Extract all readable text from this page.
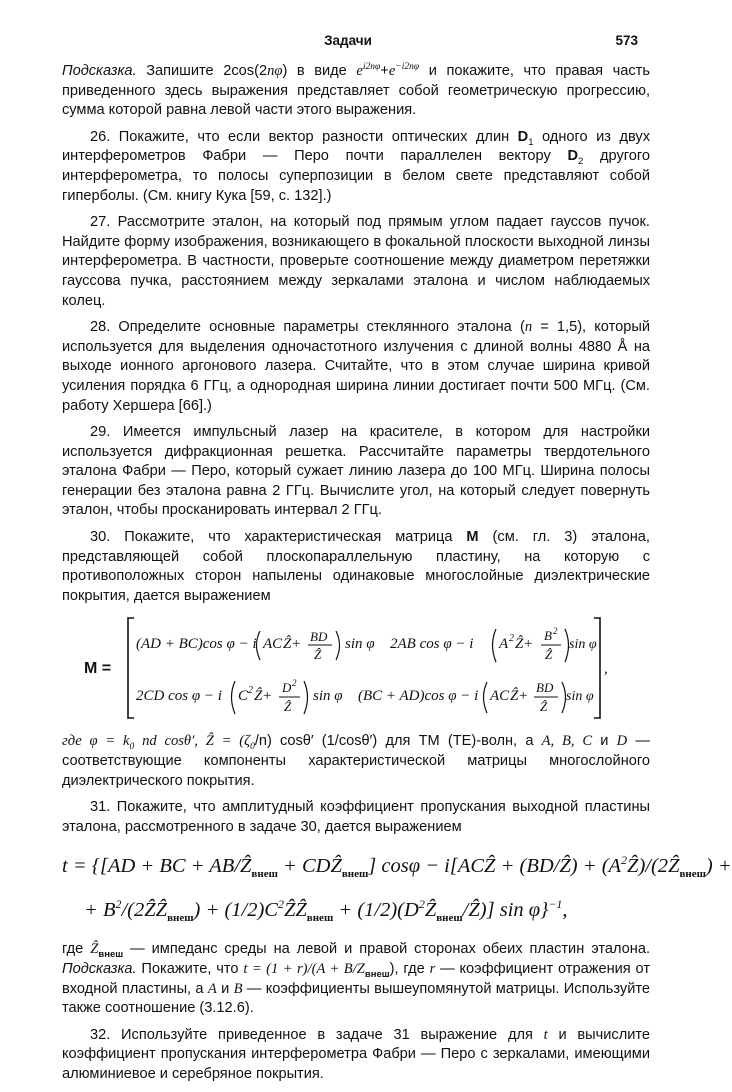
Задачи	573

Подсказка. Запишите 2cos(2nφ) в виде $e^{i2n\varphi}+e^{-i2n\varphi}$ и покажите, что правая часть приведенного здесь выражения представляет собой геометрическую прогрессию, сумма которой равна левой части этого выражения.

26. Покажите, что если вектор разности оптических длин $D_1$ одного из двух интерферометров Фабри — Перо почти параллелен вектору $D_2$ другого интерферометра, то полосы суперпозиции в белом свете представляют собой гиперболы. (См. книгу Кука [59, с. 132].)

27. Рассмотрите эталон, на который под прямым углом падает гауссов пучок. Найдите форму изображения, возникающего в фокальной плоскости выходной линзы интерферометра. В частности, проверьте соотношение между диаметром перетяжки гауссова пучка, расстоянием между зеркалами эталона и числом наблюдаемых колец.

28. Определите основные параметры стеклянного эталона (n = 1,5), который используется для выделения одночастотного излучения с длиной волны 4880 Å на выходе ионного аргонового лазера. Считайте, что в этом случае ширина кривой усиления порядка 6 ГГц, а однородная ширина линии достигает почти 500 МГц. (См. работу Хершера [66].)

29. Имеется импульсный лазер на красителе, в котором для настройки используется дифракционная решетка. Рассчитайте параметры твердотельного эталона Фабри — Перо, который сужает линию лазера до 100 МГц. Ширина полосы генерации без эталона равна 2 ГГц. Вычислите угол, на который следует повернуть эталон, чтобы просканировать интервал 2 ГГц.

30. Покажите, что характеристическая матрица M (см. гл. 3) эталона, представляющей собой плоскопараллельную пластину, на которую с противоположных сторон напылены одинаковые многослойные диэлектрические покрытия, дается выражением

M =	,
(AD + BC)cos φ − i AC Ẑ + BD
Ẑ
sin φ 2AB cos φ − i A 2 Ẑ +
B 2
Ẑ
sin φ
2CD cos φ − i C 2 Ẑ +
D 2
Ẑ
sin φ (BC + AD)cos φ − i AC Ẑ +
BD
Ẑ
sin φ

где $\varphi = k_0$ nd cosθ′, Ẑ = $(\zeta_0/n)$ cosθ′ (1/cosθ′) для ТМ (ТЕ)-волн, а A, B, C и D — соответствующие компоненты характеристической матрицы многослойного диэлектрического покрытия.

31. Покажите, что амплитудный коэффициент пропускания выходной пластины эталона, рассмотренного в задаче 30, дается выражением

t = {[AD + BC + AB/Ẑ$_{внеш}$ + CDẐ$_{внеш}$] cosφ − i[ACẐ + (BD/Ẑ) + $(A^2Ẑ)/(2Ẑ_{внеш})$ +
+ $B^2/(2ẐẐ_{внеш})$ + $(1/2)C^2ẐẐ_{внеш}$ + $(1/2)(D^2Ẑ_{внеш}/Ẑ)$] sin φ}$^{-1}$,

где Ẑ$_{внеш}$ — импеданс среды на левой и правой сторонах обеих пластин эталона. Подсказка. Покажите, что $t = (1 + r)/(A + B/Z_{внеш})$, где r — коэффициент отражения от входной пластины, а A и B — коэффициенты вышеупомянутой матрицы. Используйте также соотношение (3.12.6).

32. Используйте приведенное в задаче 31 выражение для t и вычислите коэффициент пропускания интерферометра Фабри — Перо с зеркалами, имеющими алюминиевое и серебряное покрытия.
